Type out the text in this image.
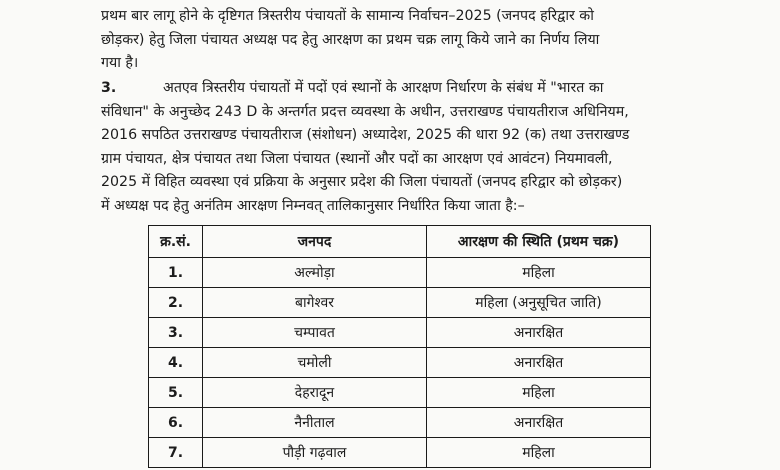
प्रथम बार लागू होने के दृष्टिगत त्रिस्तरीय पंचायतों के सामान्य निर्वाचन–2025 (जनपद हरिद्वार को
छोड़कर) हेतु जिला पंचायत अध्यक्ष पद हेतु आरक्षण का प्रथम चक्र लागू किये जाने का निर्णय लिया
गया है।

3.	अतएव त्रिस्तरीय पंचायतों में पदों एवं स्थानों के आरक्षण निर्धारण के संबंध में "भारत का
संविधान" के अनुच्छेद 243 D के अन्तर्गत प्रदत्त व्यवस्था के अधीन, उत्तराखण्ड पंचायतीराज अधिनियम,
2016 सपठित उत्तराखण्ड पंचायतीराज (संशोधन) अध्यादेश, 2025 की धारा 92 (क) तथा उत्तराखण्ड
ग्राम पंचायत, क्षेत्र पंचायत तथा जिला पंचायत (स्थानों और पदों का आरक्षण एवं आवंटन) नियमावली,
2025 में विहित व्यवस्था एवं प्रक्रिया के अनुसार प्रदेश की जिला पंचायतों (जनपद हरिद्वार को छोड़कर)
में अध्यक्ष पद हेतु अनंतिम आरक्षण निम्नवत् तालिकानुसार निर्धारित किया जाता है:–

क्र.सं.	जनपद	आरक्षण की स्थिति (प्रथम चक्र)
1.	अल्मोड़ा	महिला
2.	बागेश्वर	महिला (अनुसूचित जाति)
3.	चम्पावत	अनारक्षित
4.	चमोली	अनारक्षित
5.	देहरादून	महिला
6.	नैनीताल	अनारक्षित
7.	पौड़ी गढ़वाल	महिला
